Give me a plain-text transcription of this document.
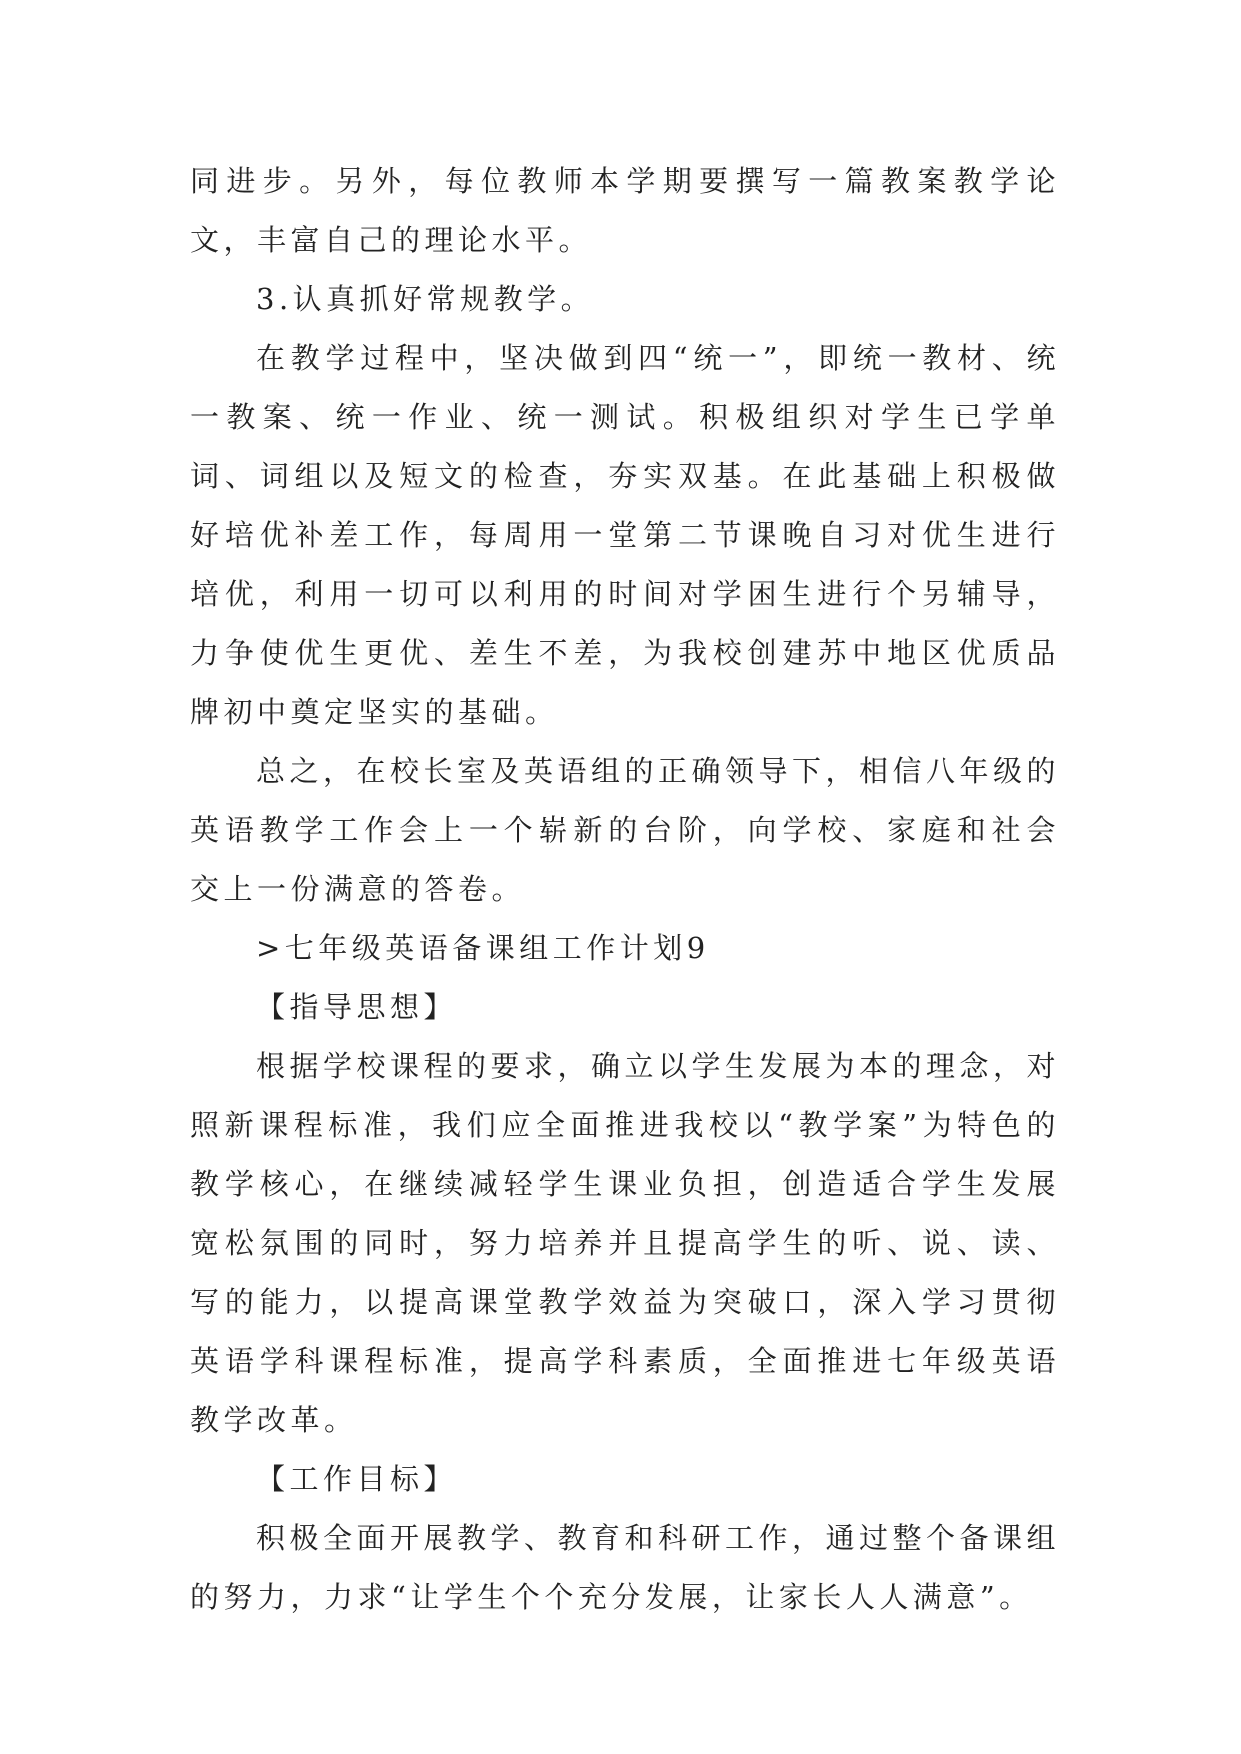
同进步。另外，每位教师本学期要撰写一篇教案教学论文，丰富自己的理论水平。

3.认真抓好常规教学。

在教学过程中，坚决做到四“统一”，即统一教材、统一教案、统一作业、统一测试。积极组织对学生已学单词、词组以及短文的检查，夯实双基。在此基础上积极做好培优补差工作，每周用一堂第二节课晚自习对优生进行培优，利用一切可以利用的时间对学困生进行个另辅导，力争使优生更优、差生不差，为我校创建苏中地区优质品牌初中奠定坚实的基础。

总之，在校长室及英语组的正确领导下，相信八年级的英语教学工作会上一个崭新的台阶，向学校、家庭和社会交上一份满意的答卷。

>七年级英语备课组工作计划9

【指导思想】

根据学校课程的要求，确立以学生发展为本的理念，对照新课程标准，我们应全面推进我校以“教学案”为特色的教学核心，在继续减轻学生课业负担，创造适合学生发展宽松氛围的同时，努力培养并且提高学生的听、说、读、写的能力，以提高课堂教学效益为突破口，深入学习贯彻英语学科课程标准，提高学科素质，全面推进七年级英语教学改革。

【工作目标】

积极全面开展教学、教育和科研工作，通过整个备课组的努力，力求“让学生个个充分发展，让家长人人满意”。
